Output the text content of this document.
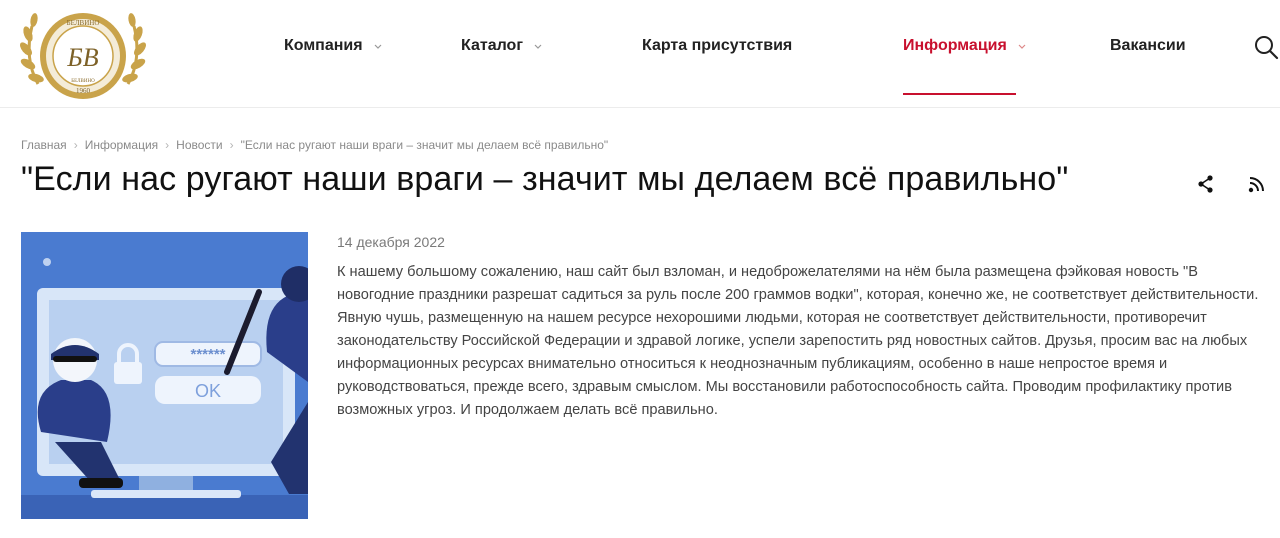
БЕЛВИНО
БВ
БЕЛВИНО
1960
Компания	Каталог	Карта присутствия	Информация	Вакансии
Главная › Информация › Новости › "Если нас ругают наши враги – значит мы делаем всё правильно"
"Если нас ругают наши враги – значит мы делаем всё правильно"
******
OK
14 декабря 2022

К нашему большому сожалению, наш сайт был взломан, и недоброжелателями на нём была размещена фэйковая новость "В новогодние праздники разрешат садиться за руль после 200 граммов водки", которая, конечно же, не соответствует действительности. Явную чушь, размещенную на нашем ресурсе нехорошими людьми, которая не соответствует действительности, противоречит законодательству Российской Федерации и здравой логике, успели зарепостить ряд новостных сайтов. Друзья, просим вас на любых информационных ресурсах внимательно относиться к неоднозначным публикациям, особенно в наше непростое время и руководствоваться, прежде всего, здравым смыслом. Мы восстановили работоспособность сайта. Проводим профилактику против возможных угроз. И продолжаем делать всё правильно.
